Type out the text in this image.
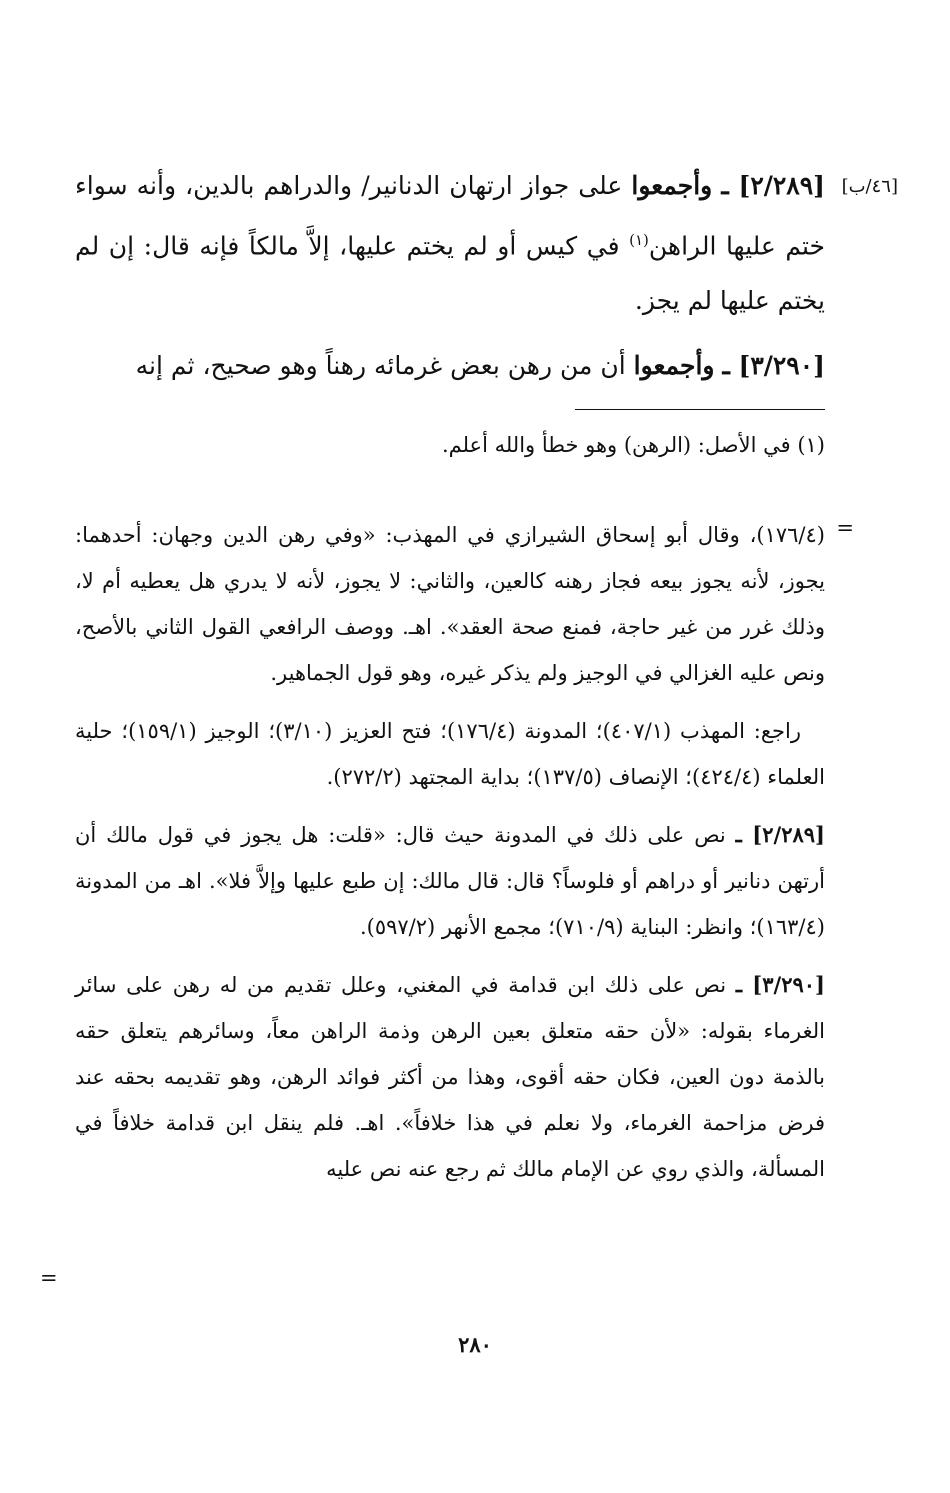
[٤٦/ب]

[٢/٢٨٩] ـ وأجمعوا على جواز ارتهان الدنانير/ والدراهم بالدين، وأنه سواء ختم عليها الراهن$^{(١)}$ في كيس أو لم يختم عليها، إلاَّ مالكاً فإنه قال: إن لم يختم عليها لم يجز.

[٣/٢٩٠] ـ وأجمعوا أن من رهن بعض غرمائه رهناً وهو صحيح، ثم إنه

(١) في الأصل: (الرهن) وهو خطأ والله أعلم.
=

(١٧٦/٤)، وقال أبو إسحاق الشيرازي في المهذب: «وفي رهن الدين وجهان: أحدهما: يجوز، لأنه يجوز بيعه فجاز رهنه كالعين، والثاني: لا يجوز، لأنه لا يدري هل يعطيه أم لا، وذلك غرر من غير حاجة، فمنع صحة العقد». اهـ. ووصف الرافعي القول الثاني بالأصح، ونص عليه الغزالي في الوجيز ولم يذكر غيره، وهو قول الجماهير.

راجع: المهذب (٤٠٧/١)؛ المدونة (١٧٦/٤)؛ فتح العزيز (٣/١٠)؛ الوجيز (١٥٩/١)؛ حلية العلماء (٤٢٤/٤)؛ الإنصاف (١٣٧/٥)؛ بداية المجتهد (٢٧٢/٢).

[٢/٢٨٩] ـ نص على ذلك في المدونة حيث قال: «قلت: هل يجوز في قول مالك أن أرتهن دنانير أو دراهم أو فلوساً؟ قال: قال مالك: إن طبع عليها وإلاَّ فلا». اهـ من المدونة (١٦٣/٤)؛ وانظر: البناية (٧١٠/٩)؛ مجمع الأنهر (٥٩٧/٢).

[٣/٢٩٠] ـ نص على ذلك ابن قدامة في المغني، وعلل تقديم من له رهن على سائر الغرماء بقوله: «لأن حقه متعلق بعين الرهن وذمة الراهن معاً، وسائرهم يتعلق حقه بالذمة دون العين، فكان حقه أقوى، وهذا من أكثر فوائد الرهن، وهو تقديمه بحقه عند فرض مزاحمة الغرماء، ولا نعلم في هذا خلافاً». اهـ. فلم ينقل ابن قدامة خلافاً في المسألة، والذي روي عن الإمام مالك ثم رجع عنه نص عليه

=
٢٨٠
